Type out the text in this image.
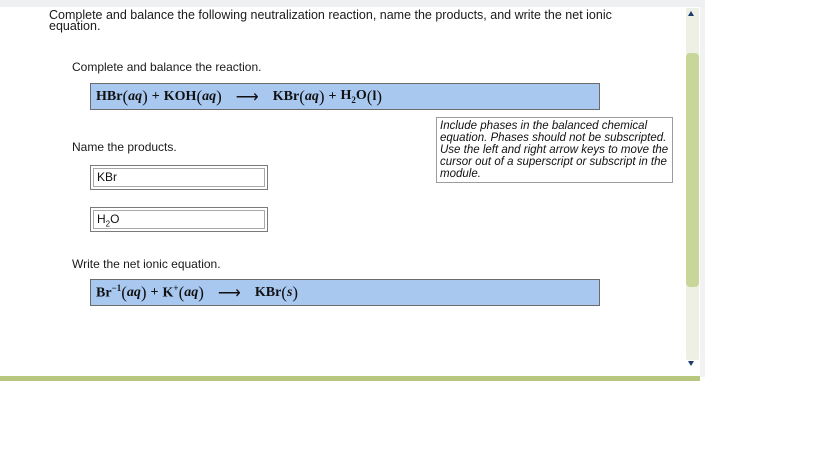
Complete and balance the following neutralization reaction, name the products, and write the net ionic equation.
Complete and balance the reaction.
HBr ( aq ) + KOH ( aq ) ⟶ KBr ( aq ) + $H_2O$ ( l )
Include phases in the balanced chemical equation. Phases should not be subscripted. Use the left and right arrow keys to move the cursor out of a superscript or subscript in the module.
Name the products.
KBr
$H_2O$
Write the net ionic equation.
$Br^{-1}$ ( aq ) + K+ ( aq ) ⟶ KBr ( s )
